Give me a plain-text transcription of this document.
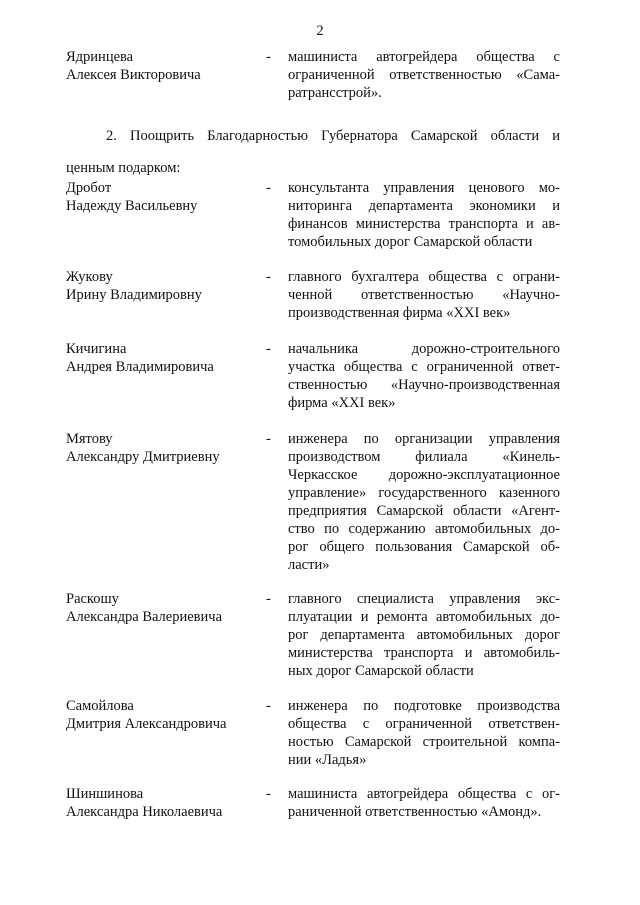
2
Ядринцева
Алексея Викторовича
-	машиниста автогрейдера общества с
ограниченной ответственностью «Сама-
ратрансстрой».
2. Поощрить Благодарностью Губернатора Самарской области и
ценным подарком:
Дробот
Надежду Васильевну
-	консультанта управления ценового мо-
ниторинга департамента экономики и
финансов министерства транспорта и ав-
томобильных дорог Самарской области
Жукову
Ирину Владимировну
-	главного бухгалтера общества с ограни-
ченной ответственностью «Научно-
производственная фирма «XXI век»
Кичигина
Андрея Владимировича
-	начальника дорожно-строительного
участка общества с ограниченной ответ-
ственностью «Научно-производственная
фирма «XXI век»
Мятову
Александру Дмитриевну
-	инженера по организации управления
производством филиала «Кинель-
Черкасское дорожно-эксплуатационное
управление» государственного казенного
предприятия Самарской области «Агент-
ство по содержанию автомобильных до-
рог общего пользования Самарской об-
ласти»
Раскошу
Александра Валериевича
-	главного специалиста управления экс-
плуатации и ремонта автомобильных до-
рог департамента автомобильных дорог
министерства транспорта и автомобиль-
ных дорог Самарской области
Самойлова
Дмитрия Александровича
-	инженера по подготовке производства
общества с ограниченной ответствен-
ностью Самарской строительной компа-
нии «Ладья»
Шиншинова
Александра Николаевича
-	машиниста автогрейдера общества с ог-
раниченной ответственностью «Амонд».
